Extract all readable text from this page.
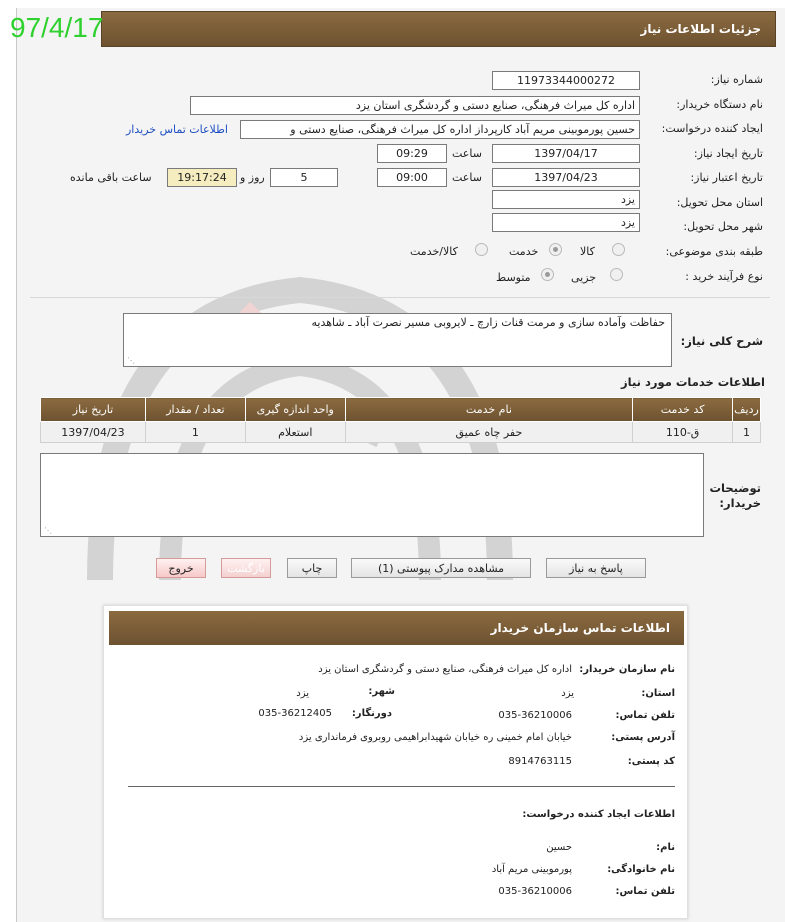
97/4/17	جزئیات اطلاعات نیاز
شماره نیاز:
11973344000272
نام دستگاه خریدار:
اداره کل میراث فرهنگی، صنایع دستی و گردشگری استان یزد
ایجاد کننده درخواست:
حسین پورموبینی مریم آباد کارپرداز اداره کل میراث فرهنگی، صنایع دستی و
اطلاعات تماس خریدار
تاریخ ایجاد نیاز:
1397/04/17
ساعت
09:29
تاریخ اعتبار نیاز:
1397/04/23
ساعت
09:00
5
روز و
19:17:24
ساعت باقی مانده
استان محل تحویل:
یزد
شهر محل تحویل:
یزد
طبقه بندی موضوعی:
کالا
خدمت
کالا/خدمت
نوع فرآیند خرید :
جزیی
متوسط
حفاظت وآماده سازی و مرمت قنات زارچ ـ لایروبی مسیر نصرت آباد ـ شاهدیه
⋰
شرح کلی نیاز:
اطلاعات خدمات مورد نیاز
ردیف	کد خدمت	نام خدمت	واحد اندازه گیری	تعداد / مقدار	تاریخ نیاز
1	ق-110	حفر چاه عمیق	استعلام	1	1397/04/23
⋰
توضیحات خریدار:
پاسخ به نیاز
مشاهده مدارک پیوستی (1)
چاپ
بازگشت
خروج
اطلاعات تماس سازمان خریدار
نام سازمان خریدار:
اداره کل میراث فرهنگی، صنایع دستی و گردشگری استان یزد
استان:
یزد
شهر:
یزد
تلفن تماس:
035-36210006
دورنگار:
035-36212405
آدرس پستی:
خیابان امام خمینی ره خیابان شهیدابراهیمی روبروی فرمانداری یزد
کد پستی:
8914763115
اطلاعات ایجاد کننده درخواست:
نام:
حسین
نام خانوادگی:
پورموبینی مریم آباد
تلفن تماس:
035-36210006
